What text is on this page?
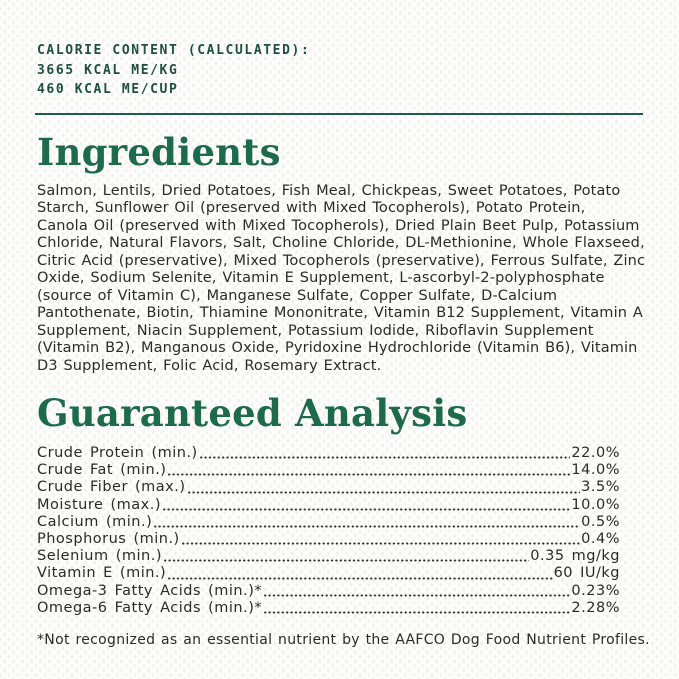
CALORIE CONTENT (CALCULATED):
3665 KCAL ME/KG
460 KCAL ME/CUP
Ingredients
Salmon, Lentils, Dried Potatoes, Fish Meal, Chickpeas, Sweet Potatoes, Potato
Starch, Sunflower Oil (preserved with Mixed Tocopherols), Potato Protein,
Canola Oil (preserved with Mixed Tocopherols), Dried Plain Beet Pulp, Potassium
Chloride, Natural Flavors, Salt, Choline Chloride, DL-Methionine, Whole Flaxseed,
Citric Acid (preservative), Mixed Tocopherols (preservative), Ferrous Sulfate, Zinc
Oxide, Sodium Selenite, Vitamin E Supplement, L-ascorbyl-2-polyphosphate
(source of Vitamin C), Manganese Sulfate, Copper Sulfate, D-Calcium
Pantothenate, Biotin, Thiamine Mononitrate, Vitamin B12 Supplement, Vitamin A
Supplement, Niacin Supplement, Potassium Iodide, Riboflavin Supplement
(Vitamin B2), Manganous Oxide, Pyridoxine Hydrochloride (Vitamin B6), Vitamin
D3 Supplement, Folic Acid, Rosemary Extract.
Guaranteed Analysis
Crude Protein (min.)	22.0%
Crude Fat (min.)	14.0%
Crude Fiber (max.)	3.5%
Moisture (max.)	10.0%
Calcium (min.)	0.5%
Phosphorus (min.)	0.4%
Selenium (min.)	0.35 mg/kg
Vitamin E (min.)	60 IU/kg
Omega-3 Fatty Acids (min.)*	0.23%
Omega-6 Fatty Acids (min.)*	2.28%
*Not recognized as an essential nutrient by the AAFCO Dog Food Nutrient Profiles.
